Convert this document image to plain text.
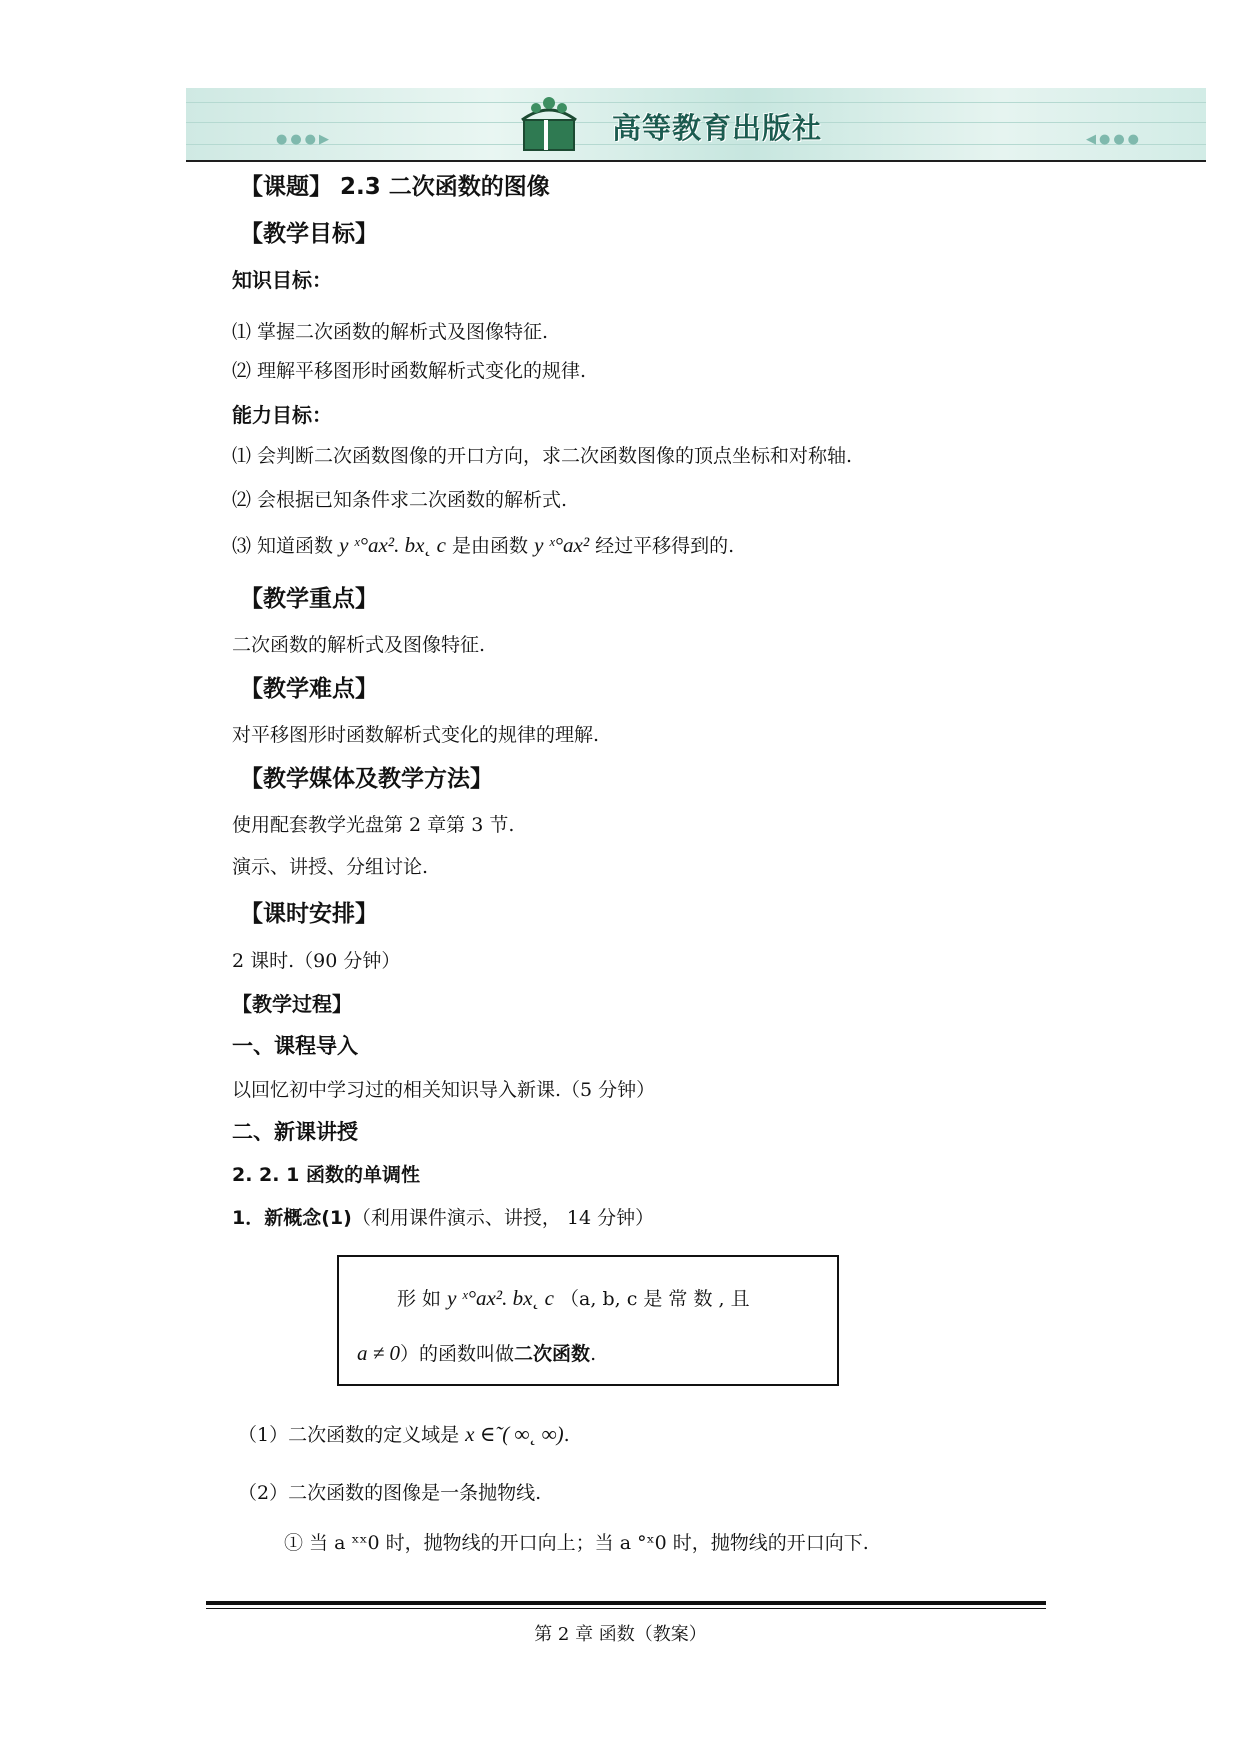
●●●▶	高等教育出版社	◀●●●
【课题】 2.3 二次函数的图像
【教学目标】
知识目标：
⑴ 掌握二次函数的解析式及图像特征.
⑵ 理解平移图形时函数解析式变化的规律.
能力目标：
⑴ 会判断二次函数图像的开口方向，求二次函数图像的顶点坐标和对称轴.
⑵ 会根据已知条件求二次函数的解析式.
⑶ 知道函数 y ˣ°ax². bx˛ c 是由函数 y ˣ°ax² 经过平移得到的.
【教学重点】
二次函数的解析式及图像特征.
【教学难点】
对平移图形时函数解析式变化的规律的理解.
【教学媒体及教学方法】
使用配套教学光盘第 2 章第 3 节.
演示、讲授、分组讨论.
【课时安排】
2 课时.（90 分钟）
【教学过程】
一、课程导入
以回忆初中学习过的相关知识导入新课.（5 分钟）
二、新课讲授
2. 2. 1 函数的单调性
1．新概念(1)（利用课件演示、讲授， 14 分钟）
形 如 y ˣ°ax². bx˛ c （a, b, c 是 常 数 , 且
a ≠ 0）的函数叫做二次函数.
（1）二次函数的定义域是 x ∈˜( ∞˛ ∞).
（2）二次函数的图像是一条抛物线.
① 当 a ˣˣ0 时，抛物线的开口向上；当 a °ˣ0 时，抛物线的开口向下.
第 2 章 函数（教案）
